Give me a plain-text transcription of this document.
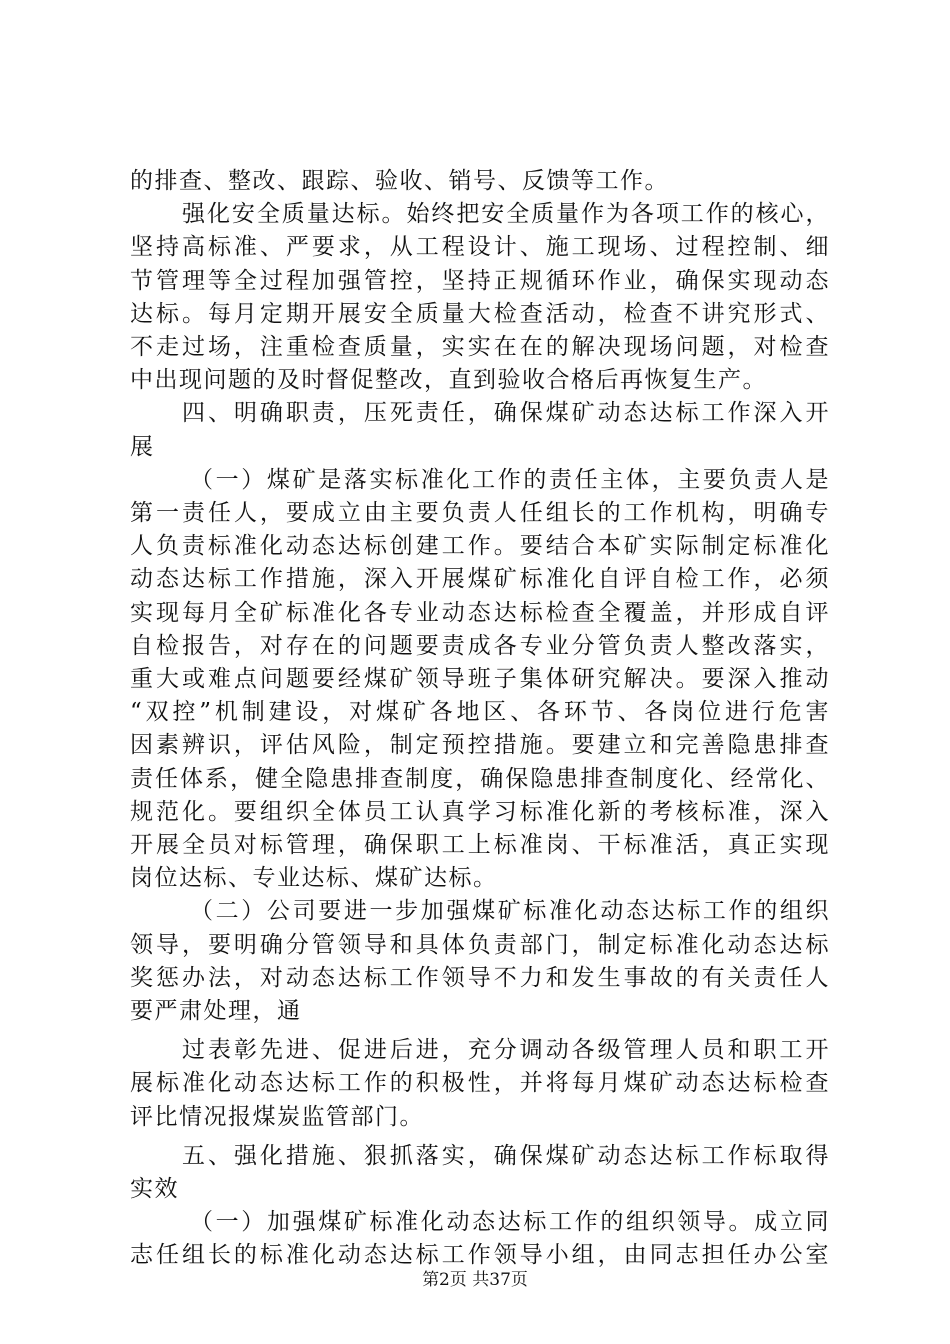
的排查、整改、跟踪、验收、销号、反馈等工作。
强化安全质量达标。始终把安全质量作为各项工作的核心，
坚持高标准、严要求，从工程设计、施工现场、过程控制、细
节管理等全过程加强管控，坚持正规循环作业，确保实现动态
达标。每月定期开展安全质量大检查活动，检查不讲究形式、
不走过场，注重检查质量，实实在在的解决现场问题，对检查
中出现问题的及时督促整改，直到验收合格后再恢复生产。
四、明确职责，压死责任，确保煤矿动态达标工作深入开
展
（一）煤矿是落实标准化工作的责任主体，主要负责人是
第一责任人，要成立由主要负责人任组长的工作机构，明确专
人负责标准化动态达标创建工作。要结合本矿实际制定标准化
动态达标工作措施，深入开展煤矿标准化自评自检工作，必须
实现每月全矿标准化各专业动态达标检查全覆盖，并形成自评
自检报告，对存在的问题要责成各专业分管负责人整改落实，
重大或难点问题要经煤矿领导班子集体研究解决。要深入推动
“双控”机制建设，对煤矿各地区、各环节、各岗位进行危害
因素辨识，评估风险，制定预控措施。要建立和完善隐患排查
责任体系，健全隐患排查制度，确保隐患排查制度化、经常化、
规范化。要组织全体员工认真学习标准化新的考核标准，深入
开展全员对标管理，确保职工上标准岗、干标准活，真正实现
岗位达标、专业达标、煤矿达标。
（二）公司要进一步加强煤矿标准化动态达标工作的组织
领导，要明确分管领导和具体负责部门，制定标准化动态达标
奖惩办法，对动态达标工作领导不力和发生事故的有关责任人
要严肃处理，通
过表彰先进、促进后进，充分调动各级管理人员和职工开
展标准化动态达标工作的积极性，并将每月煤矿动态达标检查
评比情况报煤炭监管部门。
五、强化措施、狠抓落实，确保煤矿动态达标工作标取得
实效
（一）加强煤矿标准化动态达标工作的组织领导。成立同
志任组长的标准化动态达标工作领导小组，由同志担任办公室
第2页 共37页
